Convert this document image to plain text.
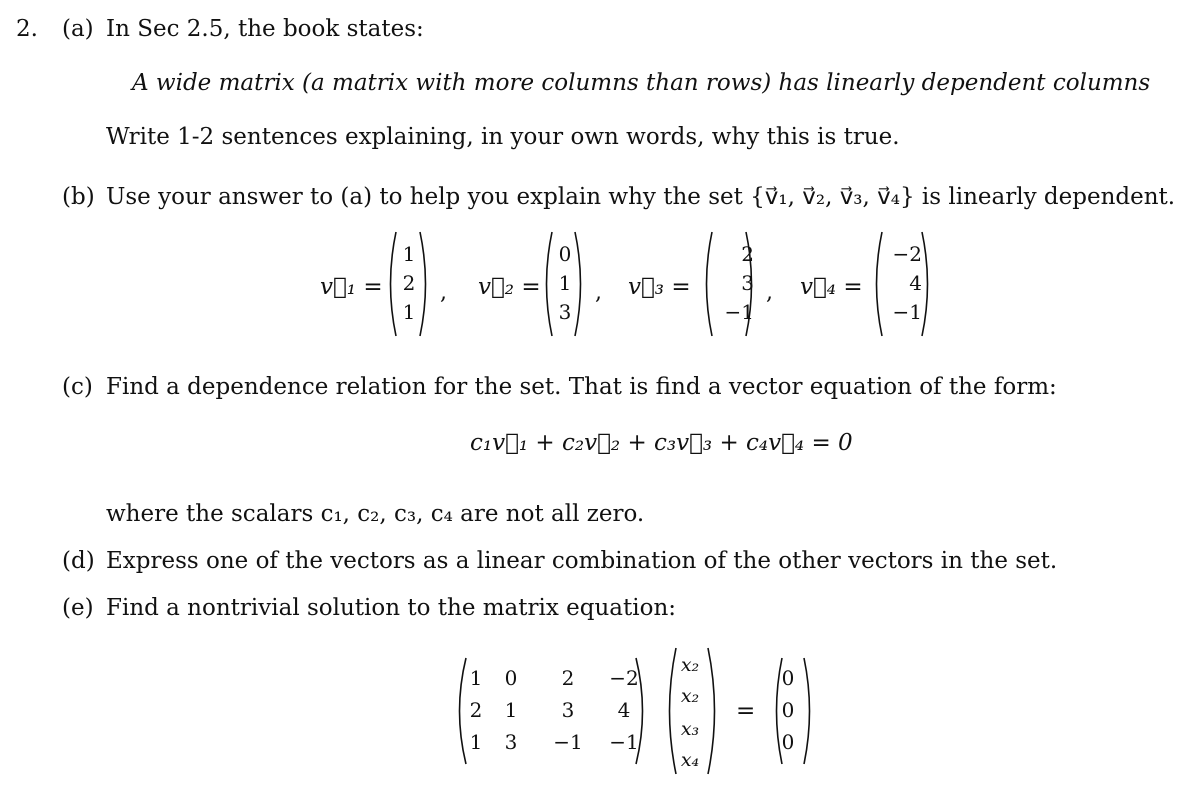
2. (a) In Sec 2.5, the book states:
A wide matrix (a matrix with more columns than rows) has linearly dependent columns
Write 1-2 sentences explaining, in your own words, why this is true.
(b) Use your answer to (a) to help you explain why the set {v⃗₁, v⃗₂, v⃗₃, v⃗₄} is linearly dependent.
v⃗₁ =
1
2
1
, v⃗₂ =
0
1
3
, v⃗₃ =
2
3
−1
, v⃗₄ =
−2
4
−1
(c) Find a dependence relation for the set. That is find a vector equation of the form:
c₁v⃗₁ + c₂v⃗₂ + c₃v⃗₃ + c₄v⃗₄ = 0
where the scalars c₁, c₂, c₃, c₄ are not all zero.
(d) Express one of the vectors as a linear combination of the other vectors in the set.
(e) Find a nontrivial solution to the matrix equation:
1	0	2	−2
2	1	3	4
1	3	−1 −1
x₂
x₂
x₃
x₄
=
0
0
0
